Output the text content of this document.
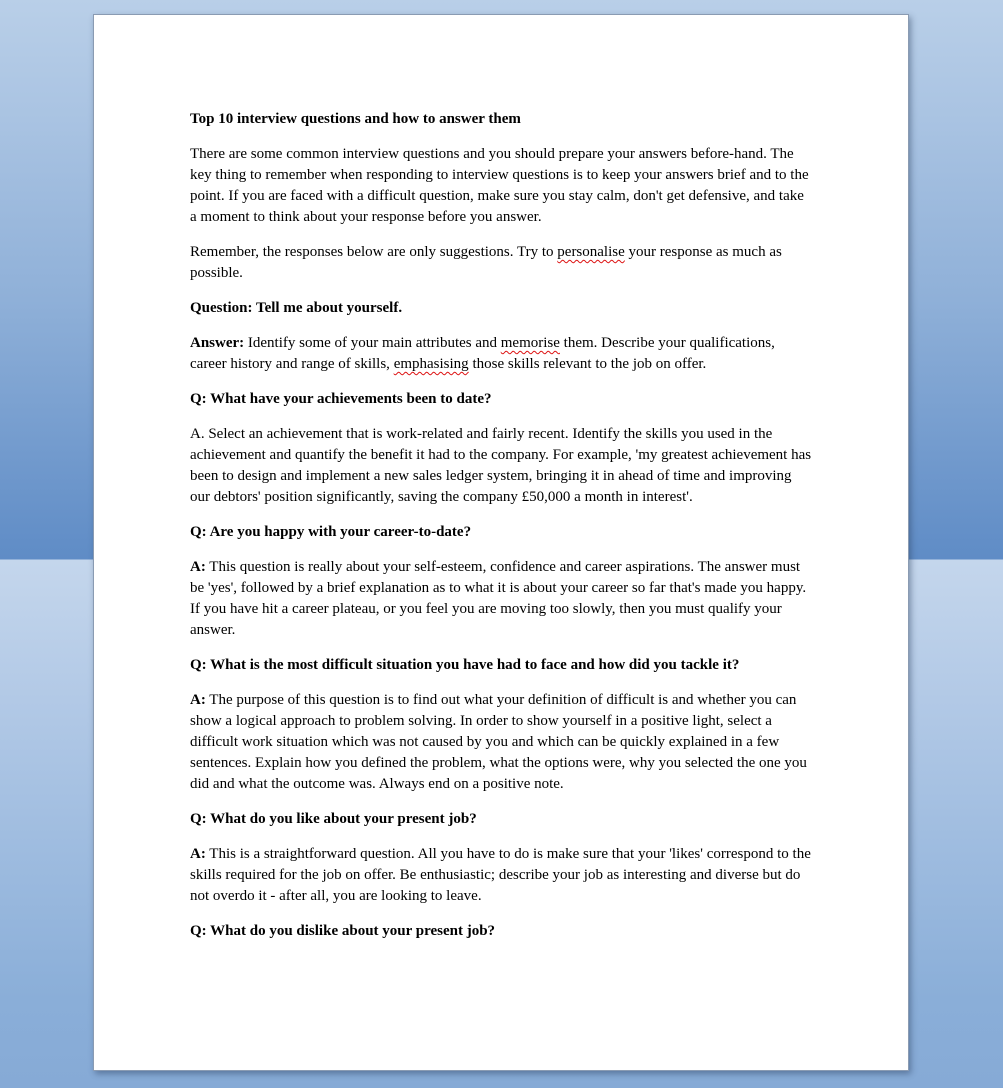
Top 10 interview questions and how to answer them

There are some common interview questions and you should prepare your answers before-hand. The key thing to remember when responding to interview questions is to keep your answers brief and to the point. If you are faced with a difficult question, make sure you stay calm, don't get defensive, and take a moment to think about your response before you answer.

Remember, the responses below are only suggestions. Try to personalise your response as much as possible.

Question: Tell me about yourself.

Answer: Identify some of your main attributes and memorise them. Describe your qualifications, career history and range of skills, emphasising those skills relevant to the job on offer.

Q: What have your achievements been to date?

A. Select an achievement that is work-related and fairly recent. Identify the skills you used in the achievement and quantify the benefit it had to the company. For example, 'my greatest achievement has been to design and implement a new sales ledger system, bringing it in ahead of time and improving our debtors' position significantly, saving the company £50,000 a month in interest'.

Q: Are you happy with your career-to-date?

A: This question is really about your self-esteem, confidence and career aspirations. The answer must be 'yes', followed by a brief explanation as to what it is about your career so far that's made you happy. If you have hit a career plateau, or you feel you are moving too slowly, then you must qualify your answer.

Q: What is the most difficult situation you have had to face and how did you tackle it?

A: The purpose of this question is to find out what your definition of difficult is and whether you can show a logical approach to problem solving. In order to show yourself in a positive light, select a difficult work situation which was not caused by you and which can be quickly explained in a few sentences. Explain how you defined the problem, what the options were, why you selected the one you did and what the outcome was. Always end on a positive note.

Q: What do you like about your present job?

A: This is a straightforward question. All you have to do is make sure that your 'likes' correspond to the skills required for the job on offer. Be enthusiastic; describe your job as interesting and diverse but do not overdo it - after all, you are looking to leave.

Q: What do you dislike about your present job?
